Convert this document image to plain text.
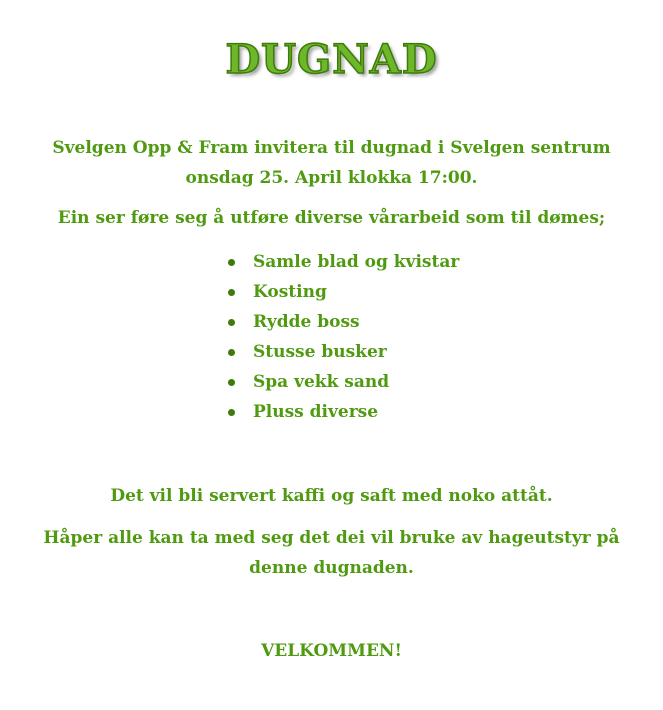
DUGNAD
Svelgen Opp & Fram invitera til dugnad i Svelgen sentrum
onsdag 25. April klokka 17:00.
Ein ser føre seg å utføre diverse vårarbeid som til dømes;
Samle blad og kvistar
Kosting
Rydde boss
Stusse busker
Spa vekk sand
Pluss diverse
Det vil bli servert kaffi og saft med noko attåt.
Håper alle kan ta med seg det dei vil bruke av hageutstyr på
denne dugnaden.
VELKOMMEN!
